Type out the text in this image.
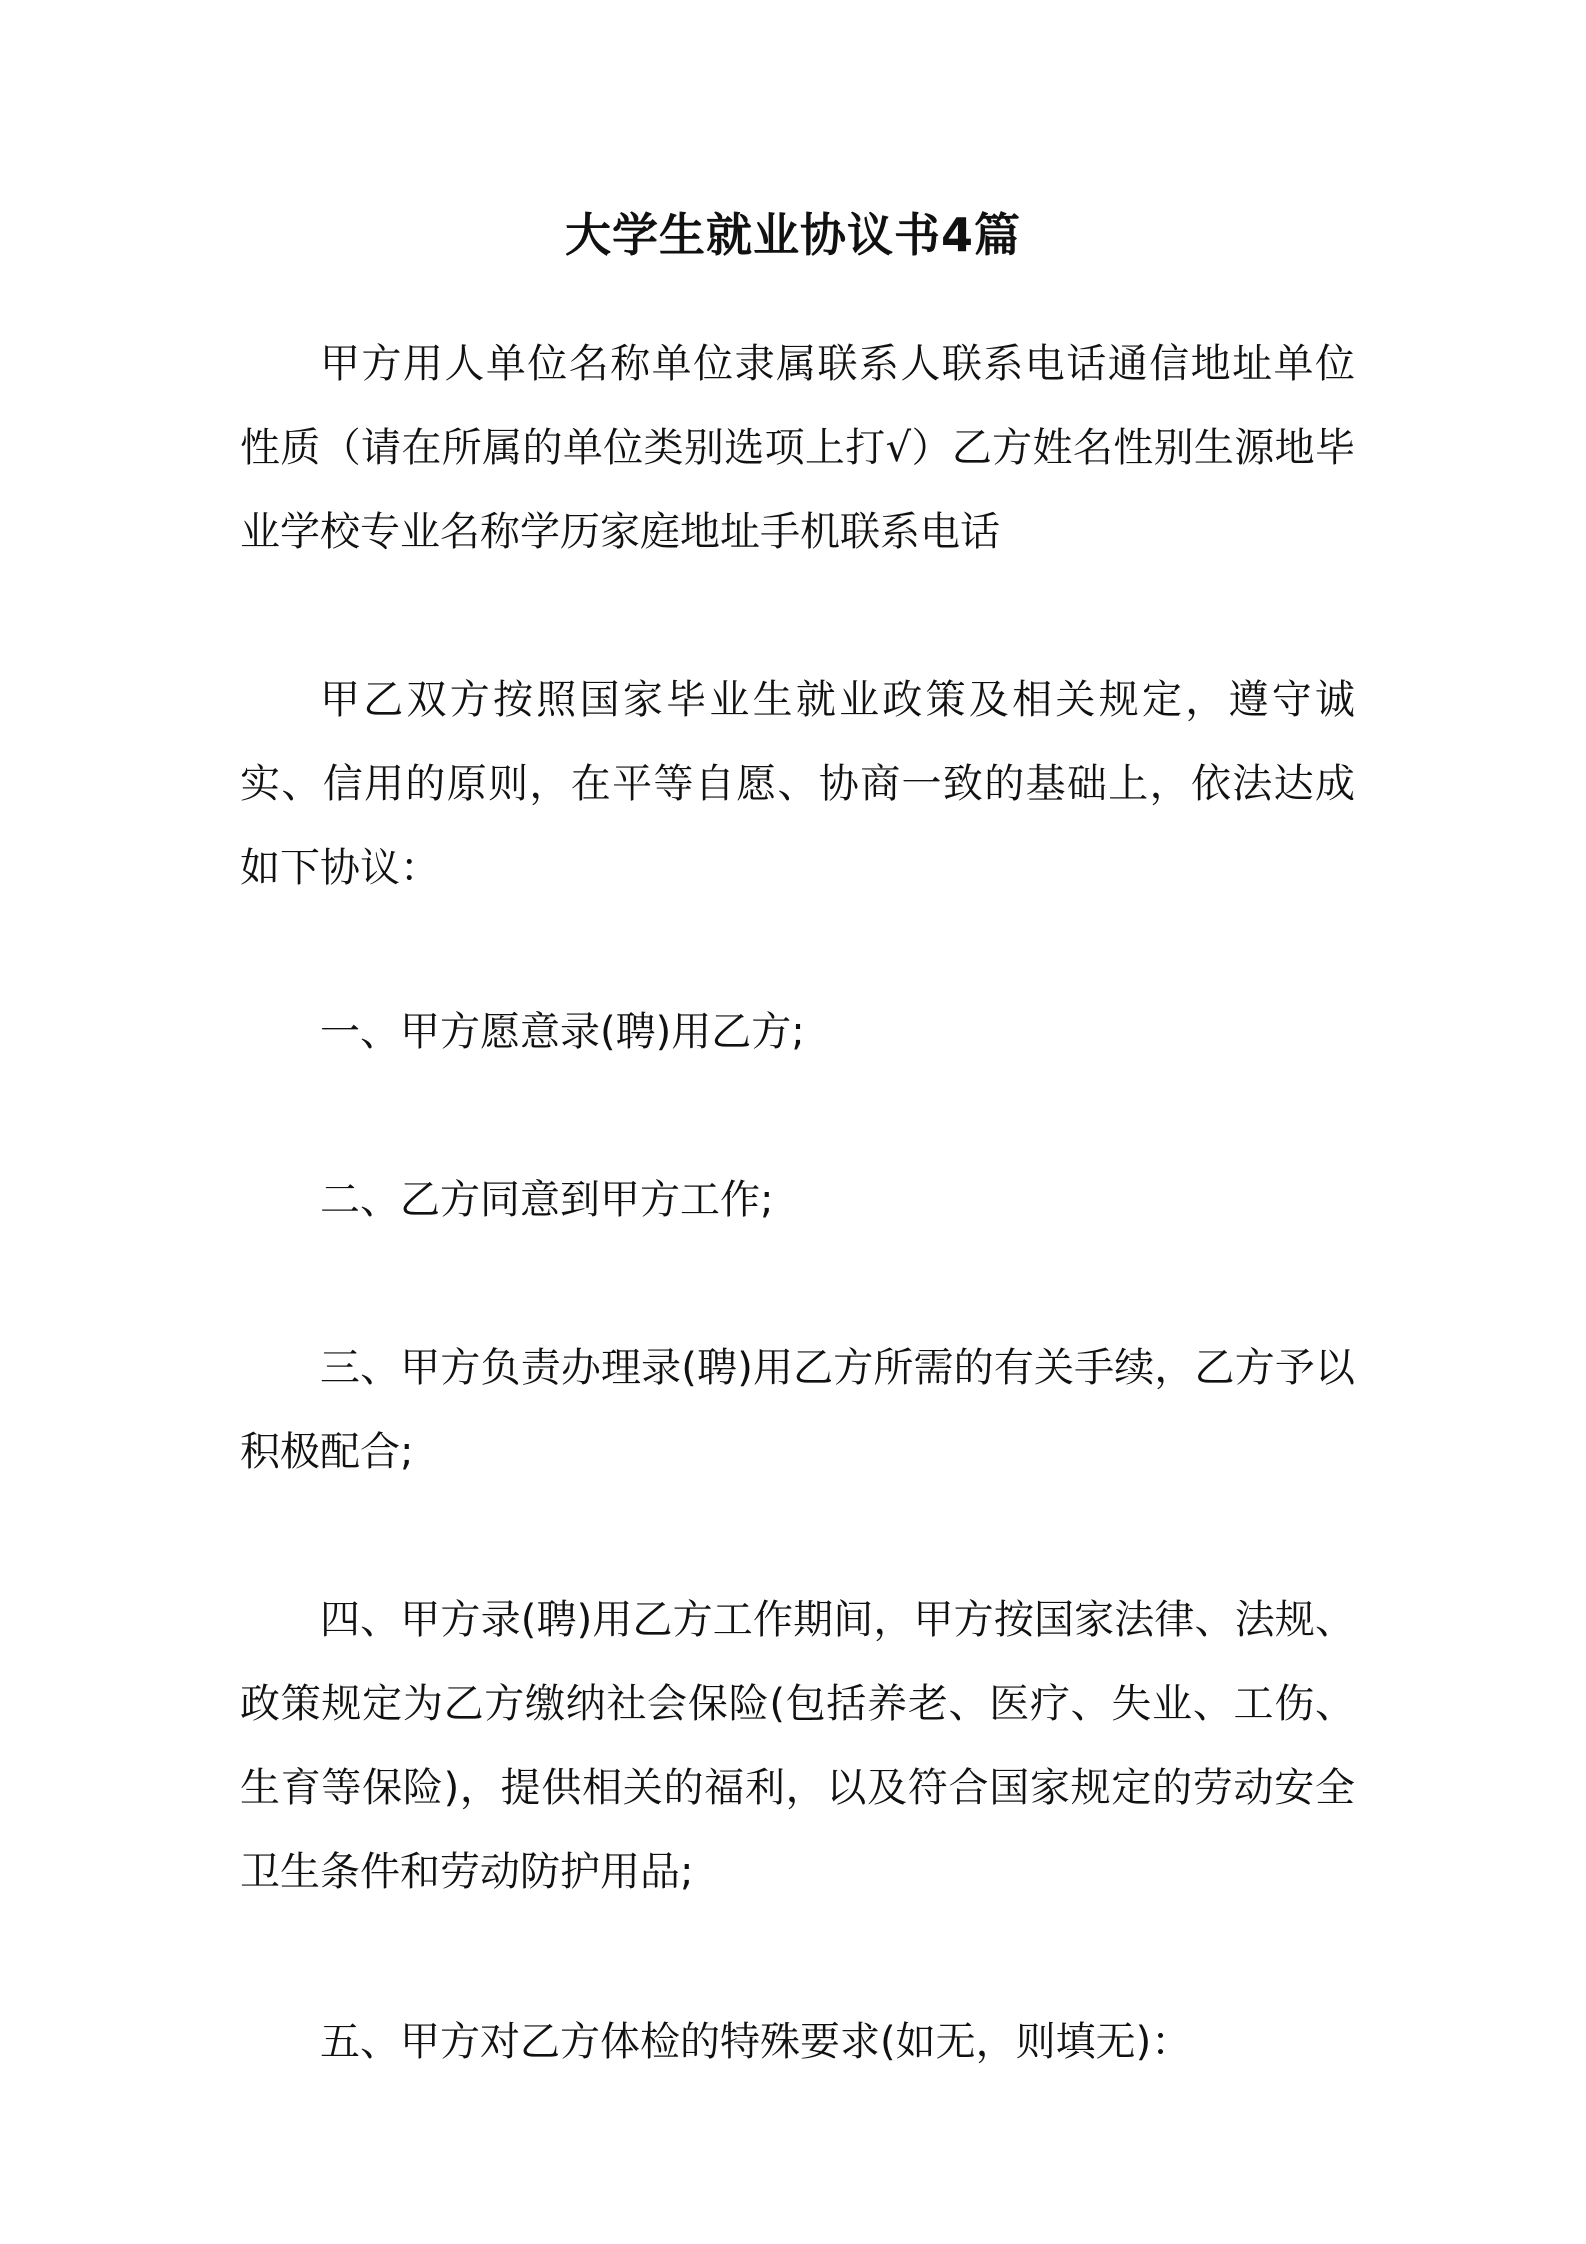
大学生就业协议书4篇

甲方用人单位名称单位隶属联系人联系电话通信地址单位性质（请在所属的单位类别选项上打√）乙方姓名性别生源地毕业学校专业名称学历家庭地址手机联系电话

甲乙双方按照国家毕业生就业政策及相关规定，遵守诚实、信用的原则，在平等自愿、协商一致的基础上，依法达成如下协议：

一、甲方愿意录(聘)用乙方;

二、乙方同意到甲方工作;

三、甲方负责办理录(聘)用乙方所需的有关手续，乙方予以积极配合;

四、甲方录(聘)用乙方工作期间，甲方按国家法律、法规、政策规定为乙方缴纳社会保险(包括养老、医疗、失业、工伤、生育等保险)，提供相关的福利，以及符合国家规定的劳动安全卫生条件和劳动防护用品;

五、甲方对乙方体检的特殊要求(如无，则填无)：
